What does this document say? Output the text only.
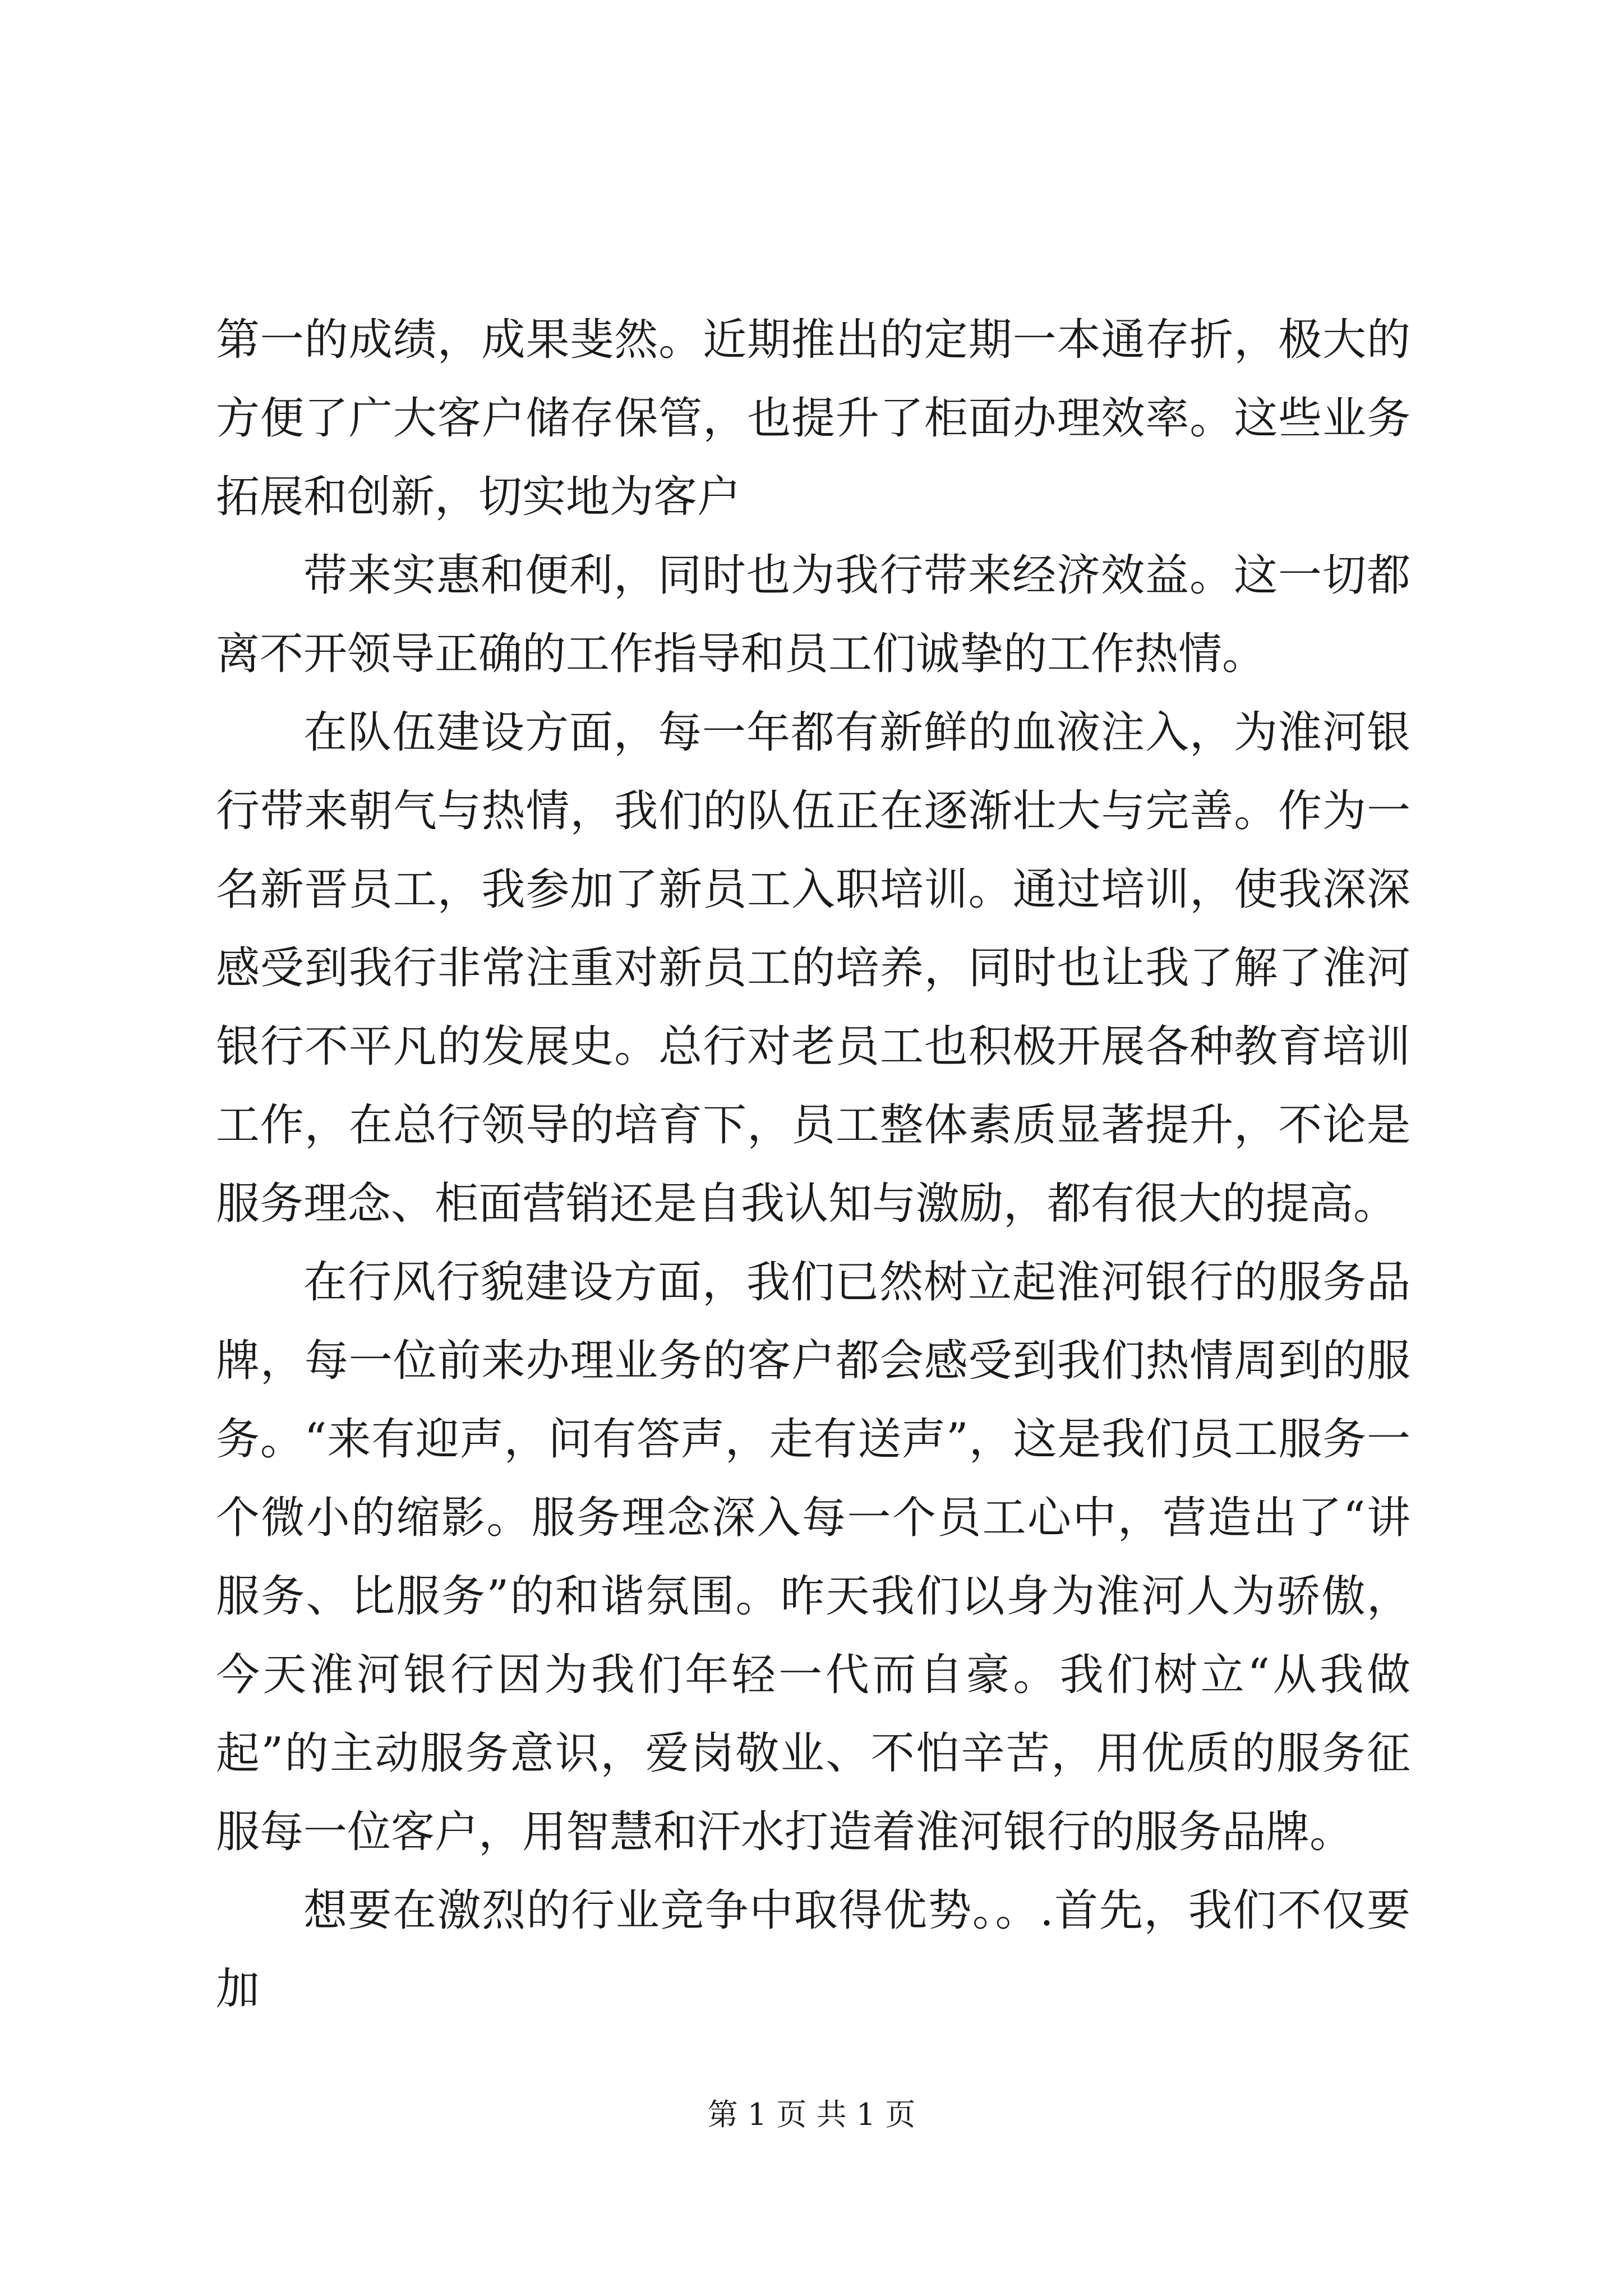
第一的成绩，成果斐然。近期推出的定期一本通存折，极大的方便了广大客户储存保管，也提升了柜面办理效率。这些业务拓展和创新，切实地为客户

带来实惠和便利，同时也为我行带来经济效益。这一切都离不开领导正确的工作指导和员工们诚挚的工作热情。

在队伍建设方面，每一年都有新鲜的血液注入，为淮河银行带来朝气与热情，我们的队伍正在逐渐壮大与完善。作为一名新晋员工，我参加了新员工入职培训。通过培训，使我深深感受到我行非常注重对新员工的培养，同时也让我了解了淮河银行不平凡的发展史。总行对老员工也积极开展各种教育培训工作，在总行领导的培育下，员工整体素质显著提升，不论是服务理念、柜面营销还是自我认知与激励，都有很大的提高。

在行风行貌建设方面，我们已然树立起淮河银行的服务品牌，每一位前来办理业务的客户都会感受到我们热情周到的服务。“来有迎声，问有答声，走有送声”，这是我们员工服务一个微小的缩影。服务理念深入每一个员工心中，营造出了“讲服务、比服务”的和谐氛围。昨天我们以身为淮河人为骄傲，今天淮河银行因为我们年轻一代而自豪。我们树立“从我做起”的主动服务意识，爱岗敬业、不怕辛苦，用优质的服务征服每一位客户，用智慧和汗水打造着淮河银行的服务品牌。

想要在激烈的行业竞争中取得优势。。.首先，我们不仅要加

第 1 页 共 1 页
